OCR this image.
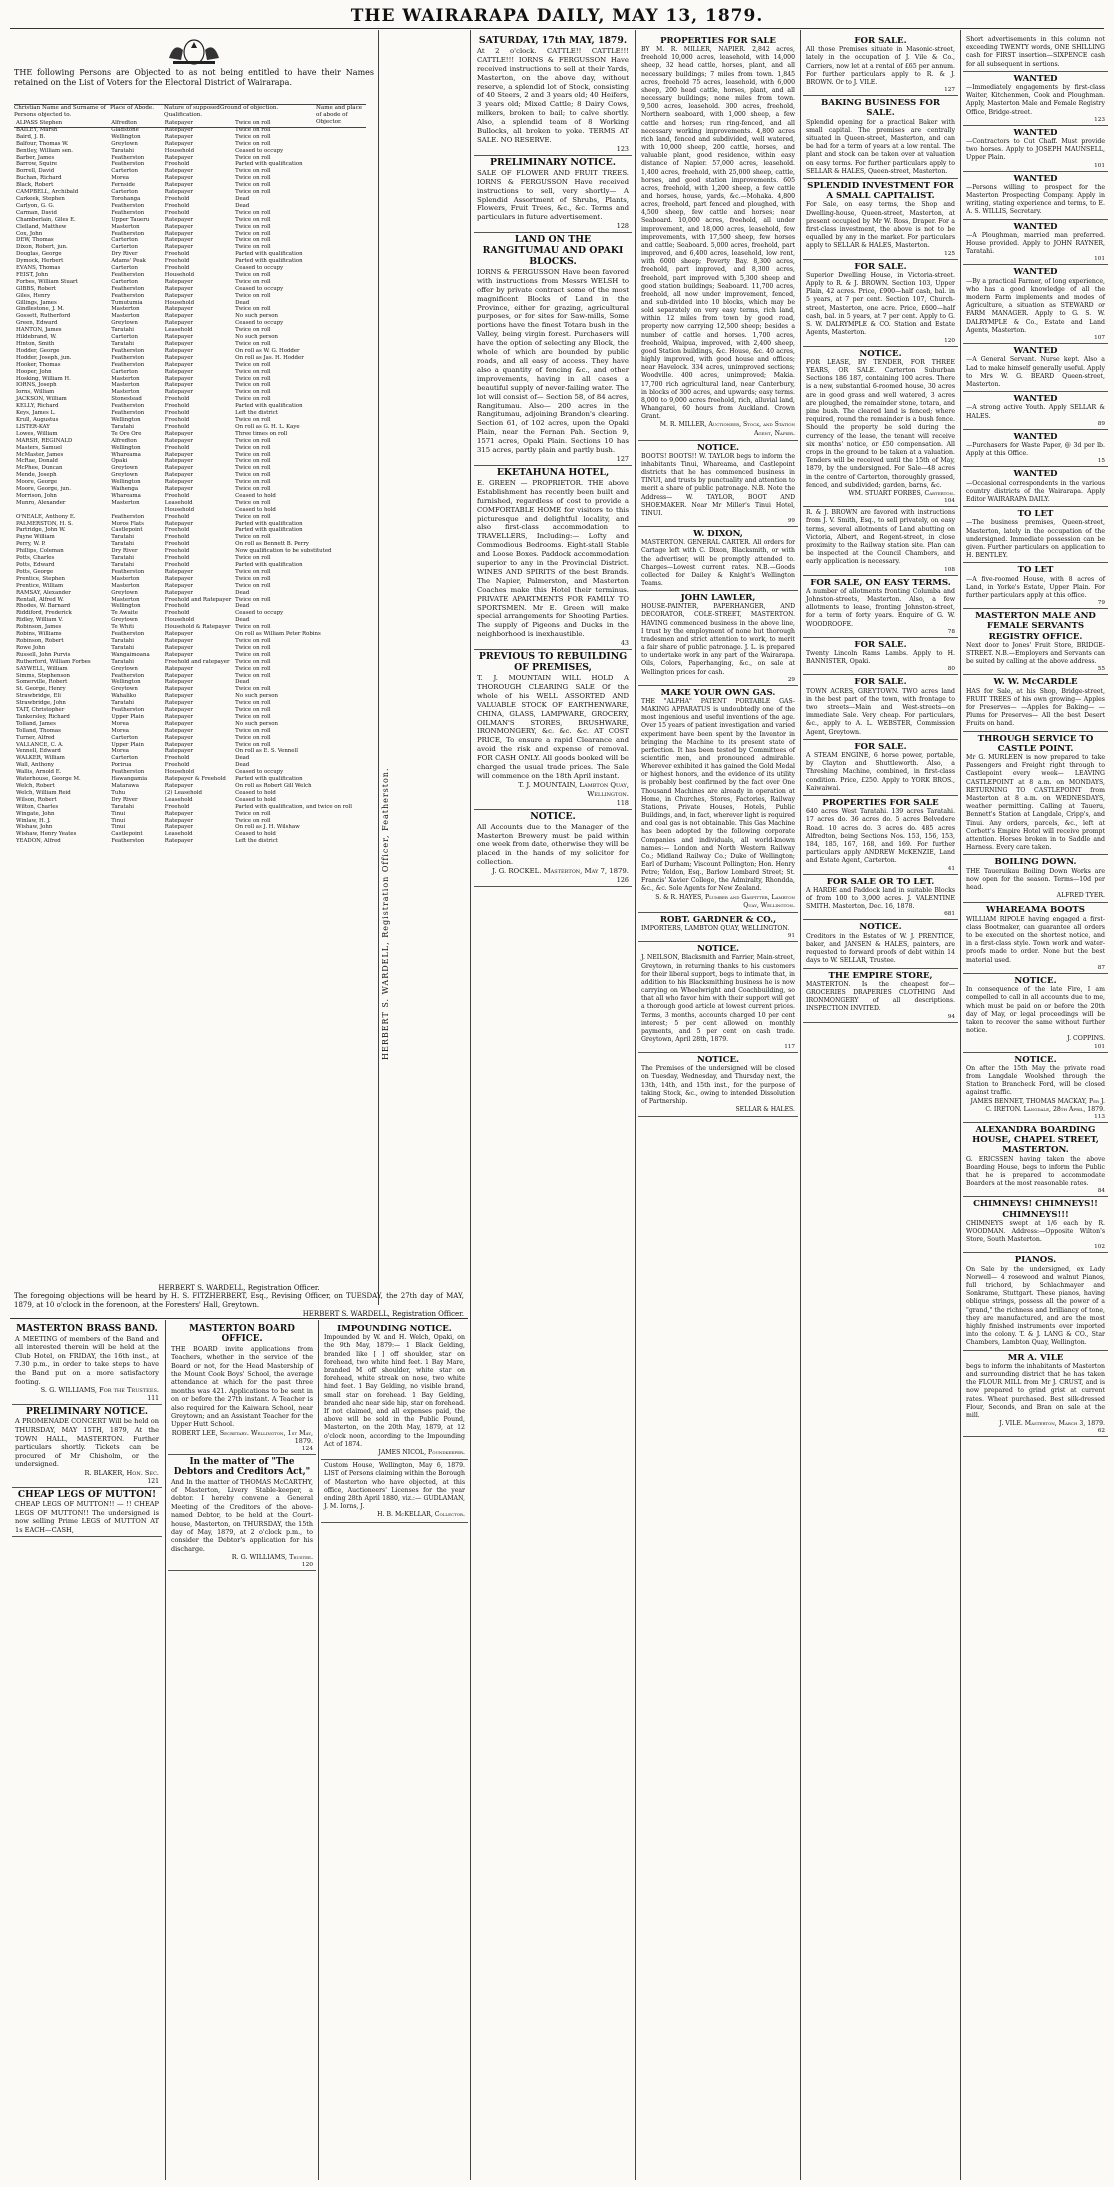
THE WAIRARAPA DAILY, MAY 13, 1879.
THE following Persons are Objected to as not being entitled to have their Names retained on the List of Voters for the Electoral District of Wairarapa.
Christian Name and Surname of Persons objected to.
Place of Abode.	Nature of supposed Qualification.
Ground of objection.	Name and place of abode of Objector.
ALPASS Stephen	Alfredton	Ratepayer	Twice on roll
BAILEY, Marsh	Gladstone	Ratepayer	Twice on roll
Baird, J. B.	Wellington	Ratepayer	Twice on roll
Balfour, Thomas W.	Greytown	Ratepayer	Twice on roll
Bentley, William sen.	Taratahi	Household	Ceased to occupy
Barber, James	Featherston	Ratepayer	Twice on roll
Barrow, Squire	Featherston	Freehold	Parted with qualification
Borrell, David	Carterton	Ratepayer	Twice on roll
Buchan, Richard	Morea	Ratepayer	Twice on roll
Black, Robert	Fernside	Ratepayer	Twice on roll
CAMPBELL, Archibald	Carterton	Ratepayer	Twice on roll
Carkeek, Stephen	Torohanga	Freehold	Dead
Carlyon, G. G.	Featherston	Freehold	Dead
Carman, David	Featherston	Freehold	Twice on roll
Chamberlain, Giles E.	Upper Taueru	Ratepayer	Twice on roll
Clelland, Matthew	Masterton	Ratepayer	Twice on roll
Cox, John	Featherston	Ratepayer	Twice on roll
DEW, Thomas	Carterton	Ratepayer	Twice on roll
Dixon, Robert, jun.	Carterton	Ratepayer	Twice on roll
Douglas, George	Dry River	Freehold	Parted with qualification
Dymock, Herbert	Adams' Peak	Freehold	Parted with qualification
EVANS, Thomas	Carterton	Freehold	Ceased to occupy
FEIST, John	Featherston	Household	Twice on roll
Forbes, William Stuart	Carterton	Ratepayer	Twice on roll
GIBBS, Robert	Featherston	Ratepayer	Ceased to occupy
Giles, Henry	Featherston	Ratepayer	Twice on roll
Gillings, James	Tumutumia	Household	Dead
Gindlestone, J. M.	Masterton	Ratepayer	Twice on roll
Gossett, Rutherford	Masterton	Ratepayer	No such person
Green, Edward	Greytown	Ratepayer	Ceased to occupy
HANTON, James	Taratahi	Leasehold	Twice on roll
Hildebrand, W.	Carterton	Ratepayer	No such person
Hinton, Smith	Taratahi	Ratepayer	Twice on roll
Hodder, George	Featherston	Ratepayer	On roll as W. G. Hodder
Hodder, Joseph, jun.	Featherston	Ratepayer	On roll as Jas. H. Hodder
Hooker, Thomas	Featherston	Ratepayer	Twice on roll
Hooper, John	Carterton	Ratepayer	Twice on roll
Hosking, William H.	Masterton	Ratepayer	Twice on roll
IORNS, Joseph	Masterton	Ratepayer	Twice on roll
Iorns, William	Masterton	Ratepayer	Twice on roll
JACKSON, William	Stonestead	Freehold	Twice on roll
KELLY, Richard	Featherston	Freehold	Parted with qualification
Keys, James L.	Featherston	Freehold	Left the district
Krull, Augustus	Wellington	Freehold	Twice on roll
LISTER-KAY	Taratahi	Freehold	On roll as G. H. L. Kaye
Lowes, William	Te Ore Ore	Ratepayer	Three times on roll
MARSH, REGINALD	Alfredton	Ratepayer	Twice on roll
Masters, Samuel	Wellington	Freehold	Twice on roll
McMaster, James	Whareama	Ratepayer	Twice on roll
McRae, Donald	Opaki	Ratepayer	Twice on roll
McPhee, Duncan	Greytown	Ratepayer	Twice on roll
Mende, Joseph	Greytown	Ratepayer	Twice on roll
Moore, George	Wellington	Ratepayer	Twice on roll
Moore, George, jun.	Waihenga	Ratepayer	Twice on roll
Morrison, John	Whareama	Freehold	Ceased to hold
Munro, Alexander	Masterton	Leasehold	Twice on roll
		Household	Ceased to hold
O'NEALE, Anthony E.	Featherston	Freehold	Twice on roll
PALMERSTON, H. S.	Moros Flats	Ratepayer	Parted with qualification
Partridge, John W.	Castlepoint	Freehold	Parted with qualification
Payne William	Taratahi	Freehold	Twice on roll
Perry, W. P.	Taratahi	Freehold	On roll as Bennett B. Perry
Phillips, Coleman	Dry River	Freehold	Now qualification to be substituted
Potts, Charles	Taratahi	Freehold	Twice on roll
Potts, Edward	Taratahi	Freehold	Parted with qualification
Potts, George	Featherston	Ratepayer	Twice on roll
Prentice, Stephen	Masterton	Ratepayer	Twice on roll
Prentice, William	Masterton	Ratepayer	Twice on roll
RAMSAY, Alexander	Greytown	Ratepayer	Dead
Rentall, Alfred W.	Masterton	Freehold and Ratepayer	Twice on roll
Rhodes, W. Barnard	Wellington	Freehold	Dead
Riddiford, Frederick	Te Awaite	Freehold	Ceased to occupy
Ridley, William V.	Greytown	Household	Dead
Robinson, James	Te Whiti	Household & Ratepayer	Twice on roll
Robins, Williams	Featherston	Ratepayer	On roll as William Peter Robins
Robinson, Robert	Taratahi	Ratepayer	Twice on roll
Rowe John	Taratahi	Ratepayer	Twice on roll
Russell, John Purvis	Wangaimoana	Ratepayer	Twice on roll
Rutherford, William Forbes	Taratahi	Freehold and ratepayer	Twice on roll
SAYWELL, William	Greytown	Ratepayer	Twice on roll
Simms, Stephenson	Featherston	Ratepayer	Twice on roll
Somerville, Robert	Wellington	Ratepayer	Dead
St. George, Henry	Greytown	Ratepayer	Twice on roll
Strawbridge, Eli	Wahaliko	Ratepayer	No such person
Strawbridge, John	Taratahi	Ratepayer	Twice on roll
TAIT, Christopher	Featherston	Ratepayer	Twice on roll
Tankersley, Richard	Upper Plain	Ratepayer	Twice on roll
Tolland, James	Morea	Ratepayer	No such person
Tolland, Thomas	Morea	Ratepayer	Twice on roll
Turner, Alfred	Carterton	Ratepayer	Twice on roll
VALLANCE, C. A.	Upper Plain	Ratepayer	Twice on roll
Vennell, Edward	Morea	Ratepayer	On roll as E. S. Vennell
WALKER, William	Carterton	Freehold	Dead
Wall, Anthony	Porirua	Freehold	Dead
Wallis, Arnold E.	Featherston	Household	Ceased to occupy
Waterhouse, George M.	Hawangamia	Ratepayer & Freehold	Parted with qualification
Welch, Robert	Matarawa	Ratepayer	On roll as Robert Gill Welch
Welch, William Reid	Tuhu	(2) Leasehold	Ceased to hold
Wilson, Robert	Dry River	Leasehold	Ceased to hold
Wilton, Charles	Taratahi	Freehold	Parted with qualification, and twice on roll
Wingate, John	Tinui	Ratepayer	Twice on roll
Winlaw, H. J.	Tinui	Ratepayer	Twice on roll
Wishaw, John	Tinui	Ratepayer	On roll as J. H. Wilshaw
Wishaw, Henry Yeates	Castlepoint	Leasehold	Ceased to hold
YEADON, Alfred	Featherston	Ratepayer	Left the district	HERBERT S. WARDELL, Registration Officer, Featherston.
HERBERT S. WARDELL, Registration Officer.
The foregoing objections will be heard by H. S. FITZHERBERT, Esq., Revising Officer, on TUESDAY, the 27th day of MAY, 1879, at 10 o'clock in the forenoon, at the Foresters' Hall, Greytown.
HERBERT S. WARDELL, Registration Officer.
MASTERTON BRASS BAND.
A MEETING of members of the Band and all interested therein will be held at the Club Hotel, on FRIDAY, the 16th inst., at 7.30 p.m., in order to take steps to have the Band put on a more satisfactory footing.
S. G. WILLIAMS, For the Trustees.
111
PRELIMINARY NOTICE.
A PROMENADE CONCERT Will be held on THURSDAY, MAY 15TH, 1879, At the TOWN HALL, MASTERTON. Further particulars shortly. Tickets can be procured of Mr Chisholm, or the undersigned.
R. BLAKER, Hon. Sec.
121
CHEAP LEGS OF MUTTON!
CHEAP LEGS OF MUTTON!! — !! CHEAP LEGS OF MUTTON!! The undersigned is now selling Prime LEGS of MUTTON AT 1s EACH—CASH,
MASTERTON BOARD OFFICE.
THE BOARD invite applications from Teachers, whether in the service of the Board or not, for the Head Mastership of the Mount Cook Boys' School, the average attendance at which for the past three months was 421. Applications to be sent in on or before the 27th instant. A Teacher is also required for the Kaiwara School, near Greytown; and an Assistant Teacher for the Upper Hutt School.
ROBERT LEE, Secretary. Wellington, 1st May, 1879.
124
In the matter of "The Debtors and Creditors Act,"
And In the matter of THOMAS McCARTHY, of Masterton, Livery Stable-keeper, a debtor. I hereby convene a General Meeting of the Creditors of the above-named Debtor, to be held at the Court-house, Masterton, on THURSDAY, the 15th day of May, 1879, at 2 o'clock p.m., to consider the Debtor's application for his discharge.
R. G. WILLIAMS, Trustee.
120
IMPOUNDING NOTICE.
Impounded by W. and H. Welch, Opaki, on the 9th May, 1879:— 1 Black Gelding, branded like [ ] off shoulder, star on forehead, two white hind feet. 1 Bay Mare, branded M off shoulder, white star on forehead, white streak on nose, two white hind feet. 1 Bay Gelding, no visible brand, small star on forehead. 1 Bay Gelding, branded ahc near side hip, star on forehead. If not claimed, and all expenses paid, the above will be sold in the Public Pound, Masterton, on the 20th May, 1879, at 12 o'clock noon, according to the Impounding Act of 1874.
JAMES NICOL, Poundkeeper.
Custom House, Wellington, May 6, 1879. LIST of Persons claiming within the Borough of Masterton who have objected, at this office, Auctioneers' Licenses for the year ending 28th April 1880, viz.:— GUDLAMAN, J. M. Iorns, J.
H. B. McKELLAR, Collector.
SATURDAY, 17th MAY, 1879.
At 2 o'clock. CATTLE!! CATTLE!!! CATTLE!!! IORNS & FERGUSSON Have received instructions to sell at their Yards, Masterton, on the above day, without reserve, a splendid lot of Stock, consisting of 40 Steers, 2 and 3 years old; 40 Heifers, 3 years old; Mixed Cattle; 8 Dairy Cows, milkers, broken to bail; to calve shortly. Also, a splendid team of 8 Working Bullocks, all broken to yoke. TERMS AT SALE. NO RESERVE.
123
PRELIMINARY NOTICE.
SALE OF FLOWER AND FRUIT TREES. IORNS & FERGUSSON Have received instructions to sell, very shortly— A Splendid Assortment of Shrubs, Plants, Flowers, Fruit Trees, &c., &c. Terms and particulars in future advertisement.
128
LAND ON THE RANGITUMAU AND OPAKI BLOCKS.
IORNS & FERGUSSON Have been favored with instructions from Messrs WELSH to offer by private contract some of the most magnificent Blocks of Land in the Province, either for grazing, agricultural purposes, or for sites for Saw-mills, Some portions have the finest Totara bush in the Valley, being virgin forest. Purchasers will have the option of selecting any Block, the whole of which are bounded by public roads, and all easy of access. They have also a quantity of fencing &c., and other improvements, having in all cases a beautiful supply of never-failing water. The lot will consist of— Section 58, of 84 acres, Rangitumau. Also— 200 acres in the Rangitumau, adjoining Brandon's clearing. Section 61, of 102 acres, upon the Opaki Plain, near the Fernan Pah. Section 9, 1571 acres, Opaki Plain. Sections 10 has 315 acres, partly plain and partly bush.
127
EKETAHUNA HOTEL,
E. GREEN — PROPRIETOR. THE above Establishment has recently been built and furnished, regardless of cost to provide a COMFORTABLE HOME for visitors to this picturesque and delightful locality, and also first-class accommodation to TRAVELLERS, Including:— Lofty and Commodious Bedrooms. Eight-stall Stable and Loose Boxes. Paddock accommodation superior to any in the Provincial District. WINES AND SPIRITS of the best Brands. The Napier, Palmerston, and Masterton Coaches make this Hotel their terminus. PRIVATE APARTMENTS FOR FAMILY TO SPORTSMEN. Mr E. Green will make special arrangements for Shooting Parties. The supply of Pigeons and Ducks in the neighborhood is inexhaustible.
43
PREVIOUS TO REBUILDING OF PREMISES,
T. J. MOUNTAIN WILL HOLD A THOROUGH CLEARING SALE Of the whole of his WELL ASSORTED AND VALUABLE STOCK OF EARTHENWARE, CHINA, GLASS, LAMPWARE, GROCERY, OILMAN'S STORES, BRUSHWARE, IRONMONGERY, &c. &c. &c. AT COST PRICE, To ensure a rapid Clearance and avoid the risk and expense of removal. FOR CASH ONLY. All goods booked will be charged the usual trade prices. The Sale will commence on the 18th April instant.
T. J. MOUNTAIN, Lambton Quay, Wellington.
118
NOTICE.
All Accounts due to the Manager of the Masterton Brewery must be paid within one week from date, otherwise they will be placed in the hands of my solicitor for collection.
J. G. ROCKEL. Masterton, May 7, 1879.
126
PROPERTIES FOR SALE
BY M. R. MILLER, NAPIER. 2,842 acres, freehold 10,000 acres, leasehold, with 14,000 sheep, 32 head cattle, horses, plant, and all necessary buildings; 7 miles from town. 1,845 acres, freehold 75 acres, leasehold, with 6,000 sheep, 200 head cattle, horses, plant, and all necessary buildings; none miles from town. 9,500 acres, leasehold. 300 acres, freehold, Northern seaboard, with 1,000 sheep, a few cattle and horses; run ring-fenced, and all necessary working improvements. 4,800 acres rich land, fenced and subdivided, well watered, with 10,000 sheep, 200 cattle, horses, and valuable plant, good residence, within easy distance of Napier. 57,000 acres, leasehold. 1,400 acres, freehold, with 25,000 sheep, cattle, horses, and good station improvements. 605 acres, freehold, with 1,200 sheep, a few cattle and horses, house, yards, &c.—Mohaka. 4,800 acres, freehold, part fenced and ploughed, with 4,500 sheep, few cattle and horses; near Seaboard. 10,000 acres, freehold, all under improvement, and 18,000 acres, leasehold, few improvements, with 17,500 sheep, few horses and cattle; Seaboard. 5,000 acres, freehold, part improved, and 6,400 acres, leasehold, low rent, with 6000 sheep; Poverty Bay. 8,300 acres, freehold, part improved, and 8,300 acres, freehold, part improved with 5,300 sheep and good station buildings; Seaboard. 11,700 acres, freehold, all now under improvement, fenced, and sub-divided into 10 blocks, which may be sold separately on very easy terms, rich land, within 12 miles from town by good road, property now carrying 12,500 sheep; besides a number of cattle and horses. 1,700 acres, freehold, Waipua, improved, with 2,400 sheep, good Station buildings, &c. House, &c. 40 acres, highly improved, with good house and offices; near Havelock. 334 acres, unimproved sections; Woodville. 400 acres, unimproved; Makia. 17,700 rich agricultural land, near Canterbury, in blocks of 300 acres, and upwards; easy terms. 8,000 to 9,000 acres freehold, rich, alluvial land, Whangarei, 60 hours from Auckland. Crown Grant.
M. R. MILLER, Auctioneer, Stock, and Station Agent, Napier.
NOTICE.
BOOTS! BOOTS!! W. TAYLOR begs to inform the inhabitants Tinui, Whareama, and Castlepoint districts that he has commenced business in TINUI, and trusts by punctuality and attention to merit a share of public patronage. N.B. Note the Address— W. TAYLOR, BOOT AND SHOEMAKER. Near Mr Miller's Tinui Hotel, TINUI.
99
W. DIXON,
MASTERTON. GENERAL CARTER. All orders for Cartage left with C. Dixon, Blacksmith, or with the advertiser, will be promptly attended to. Charges—Lowest current rates. N.B.—Goods collected for Dailey & Knight's Wellington Teams.
JOHN LAWLER,
HOUSE-PAINTER, PAPERHANGER, AND DECORATOR, COLE-STREET, MASTERTON. HAVING commenced business in the above line, I trust by the employment of none but thorough tradesmen and strict attention to work, to merit a fair share of public patronage. J. L. is prepared to undertake work in any part of the Wairarapa. Oils, Colors, Paperhanging, &c., on sale at Wellington prices for cash.
29
MAKE YOUR OWN GAS.
THE "ALPHA" PATENT PORTABLE GAS-MAKING APPARATUS is undoubtedly one of the most ingenious and useful inventions of the age. Over 15 years of patient investigation and varied experiment have been spent by the Inventor in bringing the Machine to its present state of perfection. It has been tested by Committees of scientific men, and pronounced admirable. Wherever exhibited it has gained the Gold Medal or highest honors, and the evidence of its utility is probably best confirmed by the fact over One Thousand Machines are already in operation at Home, in Churches, Stores, Factories, Railway Stations, Private Houses, Hotels, Public Buildings, and, in fact, wherever light is required and coal gas is not obtainable. This Gas Machine has been adopted by the following corporate Companies and individuals, all world-known names:— London and North Western Railway Co.; Midland Railway Co.; Duke of Wellington; Earl of Durham; Viscount Pollington; Hon. Henry Petre; Yeldon, Esq., Barlow Lombard Street; St. Francis' Xavier College, the Admiralty, Rhondda, &c., &c. Sole Agents for New Zealand.
S. & R. HAYES, Plumber and Gasfitter, Lambton Quay, Wellington.
ROBT. GARDNER & CO.,
IMPORTERS, LAMBTON QUAY, WELLINGTON.
91
NOTICE.
J. NEILSON, Blacksmith and Farrier, Main-street, Greytown, in returning thanks to his customers for their liberal support, begs to intimate that, in addition to his Blacksmithing business he is now carrying on Wheelwright and Coachbuilding, so that all who favor him with their support will get a thorough good article at lowest current prices. Terms, 3 months, accounts charged 10 per cent interest; 5 per cent allowed on monthly payments, and 5 per cent on cash trade. Greytown, April 28th, 1879.
117
NOTICE.
The Premises of the undersigned will be closed on Tuesday, Wednesday, and Thursday next, the 13th, 14th, and 15th inst., for the purpose of taking Stock, &c., owing to intended Dissolution of Partnership.
SELLAR & HALES.
FOR SALE.
All those Premises situate in Masonic-street, lately in the occupation of J. Vile & Co., Carriers, now let at a rental of £65 per annum. For further particulars apply to R. & J. BROWN. Or to J. VILE.
127
BAKING BUSINESS FOR SALE.
Splendid opening for a practical Baker with small capital. The premises are centrally situated in Queen-street, Masterton, and can be had for a term of years at a low rental. The plant and stock can be taken over at valuation on easy terms. For further particulars apply to SELLAR & HALES, Queen-street, Masterton.
SPLENDID INVESTMENT FOR A SMALL CAPITALIST.
For Sale, on easy terms, the Shop and Dwelling-house, Queen-street, Masterton, at present occupied by Mr W. Ross, Draper. For a first-class investment, the above is not to be equalled by any in the market. For particulars apply to SELLAR & HALES, Masterton.
125
FOR SALE.
Superior Dwelling House, in Victoria-street. Apply to R. & J. BROWN. Section 103, Upper Plain, 42 acres. Price, £900—half cash, bal. in 5 years, at 7 per cent. Section 107, Church-street, Masterton, one acre. Price, £600—half cash, bal. in 5 years, at 7 per cent. Apply to G. S. W. DALRYMPLE & CO. Station and Estate Agents, Masterton.
120
NOTICE.
FOR LEASE, BY TENDER, FOR THREE YEARS, OR SALE. Carterton Suburban Sections 186 187, containing 100 acres. There is a new, substantial 6-roomed house, 30 acres are in good grass and well watered, 3 acres are ploughed, the remainder stone, totara, and pine bush. The cleared land is fenced; where required, round the remainder is a bush fence. Should the property be sold during the currency of the lease, the tenant will receive six months' notice, or £50 compensation. All crops in the ground to be taken at a valuation. Tenders will be received until the 15th of May, 1879, by the undersigned. For Sale—48 acres in the centre of Carterton, thoroughly grassed, fenced, and subdivided; garden, barns, &c.
WM. STUART FORBES, Carterton.
104
R. & J. BROWN are favored with instructions from J. V. Smith, Esq., to sell privately, on easy terms, several allotments of Land abutting on Victoria, Albert, and Regent-street, in close proximity to the Railway station site. Plan can be inspected at the Council Chambers, and early application is necessary.
108
FOR SALE, ON EASY TERMS.
A number of allotments fronting Columba and Johnston-streets, Masterton. Also, a few allotments to lease, fronting Johnston-street, for a term of forty years. Enquire of G. W. WOODROOFE.
78
FOR SALE.
Twenty Lincoln Rams Lambs. Apply to H. BANNISTER, Opaki.
80
FOR SALE.
TOWN ACRES, GREYTOWN. TWO acres land in the best part of the town, with frontage to two streets—Main and West-streets—on immediate Sale. Very cheap. For particulars, &c., apply to A. L. WEBSTER, Commission Agent, Greytown.
FOR SALE.
A STEAM ENGINE, 6 horse power, portable, by Clayton and Shuttleworth. Also, a Threshing Machine, combined, in first-class condition. Price, £250. Apply to YORK BROS., Kaiwaiwai.
PROPERTIES FOR SALE
640 acres West Taratahi. 139 acres Taratahi. 17 acres do. 36 acres do. 5 acres Belvedere Road. 10 acres do. 3 acres do. 485 acres Alfredton, being Sections Nos. 153, 156, 153, 184, 185, 167, 168, and 169. For further particulars apply ANDREW McKENZIE, Land and Estate Agent, Carterton.
41
FOR SALE OR TO LET.
A HARDE and Paddock land in suitable Blocks of from 100 to 3,000 acres. J. VALENTINE SMITH. Masterton, Dec. 16, 1878.
681
NOTICE.
Creditors in the Estates of W. J. PRENTICE, baker, and JANSEN & HALES, painters, are requested to forward proofs of debt within 14 days to W. SELLAR, Trustee.
THE EMPIRE STORE,
MASTERTON. Is the cheapest for— GROCERIES DRAPERIES CLOTHING And IRONMONGERY of all descriptions. INSPECTION INVITED.
94
Short advertisements in this column not exceeding TWENTY words, ONE SHILLING cash for FIRST insertion—SIXPENCE cash for all subsequent in sertions.
WANTED
—Immediately engagements by first-class Waiter, Kitchenmen, Cook and Ploughman. Apply, Masterton Male and Female Registry Office, Bridge-street.
123
WANTED
—Contractors to Cut Chaff. Must provide two horses. Apply to JOSEPH MAUNSELL, Upper Plain.
101
WANTED
—Persons willing to prospect for the Masterton Prospecting Company. Apply in writing, stating experience and terms, to E. A. S. WILLIS, Secretary.
WANTED
—A Ploughman, married man preferred. House provided. Apply to JOHN RAYNER, Taratahi.
101
WANTED
—By a practical Farmer, of long experience, who has a good knowledge of all the modern Farm implements and modes of Agriculture, a situation as STEWARD or FARM MANAGER. Apply to G. S. W. DALRYMPLE & Co., Estate and Land Agents, Masterton.
107
WANTED
—A General Servant. Nurse kept. Also a Lad to make himself generally useful. Apply to Mrs W. G. BEARD Queen-street, Masterton.
WANTED
—A strong active Youth. Apply SELLAR & HALES.
89
WANTED
—Purchasers for Waste Paper, @ 3d per lb. Apply at this Office.
15
WANTED
—Occasional correspondents in the various country districts of the Wairarapa. Apply Editor WAIRARAPA DAILY.
TO LET
—The business premises, Queen-street, Masterton, lately in the occupation of the undersigned. Immediate possession can be given. Further particulars on application to H. BENTLEY.
TO LET
—A five-roomed House, with 8 acres of Land, in Yorke's Estate, Upper Plain. For further particulars apply at this office.
79
MASTERTON MALE AND FEMALE SERVANTS REGISTRY OFFICE.
Next door to Jones' Fruit Store, BRIDGE-STREET. N.B.—Employers and Servants can be suited by calling at the above address.
55
W. W. McCARDLE
HAS for Sale, at his Shop, Bridge-street, FRUIT TREES of his own growing— Apples for Preserves— —Apples for Baking— —Plums for Preserves— All the best Desert Fruits on hand.
THROUGH SERVICE TO CASTLE POINT.
Mr G. MURLEEN is now prepared to take Passengers and Freight right through to Castlepoint every week— LEAVING CASTLEPOINT at 8 a.m. on MONDAYS, RETURNING TO CASTLEPOINT from Masterton at 8 a.m. on WEDNESDAYS, weather permitting. Calling at Taueru, Bennett's Station at Langdale, Cripp's, and Tinui. Any orders, parcels, &c., left at Corbett's Empire Hotel will receive prompt attention. Horses broken in to Saddle and Harness. Every care taken.
BOILING DOWN.
THE Taueruikau Boiling Down Works are now open for the season. Terms—10d per head.
ALFRED TYER.
WHAREAMA BOOTS
WILLIAM RIPOLE having engaged a first-class Bootmaker, can guarantee all orders to be executed on the shortest notice, and in a first-class style. Town work and water-proofs made to order. None but the best material used.
87
NOTICE.
In consequence of the late Fire, I am compelled to call in all accounts due to me, which must be paid on or before the 20th day of May, or legal proceedings will be taken to recover the same without further notice.
J. COPPINS.
101
NOTICE.
On after the 15th May the private road from Langdale Woolshed through the Station to Brancheck Ford, will be closed against traffic.
JAMES BENNET, THOMAS MACKAY, Per J. C. IRETON. Langdale, 28th April, 1879.
113
ALEXANDRA BOARDING HOUSE, CHAPEL STREET, MASTERTON.
G. ERICSSEN having taken the above Boarding House, begs to inform the Public that he is prepared to accommodate Boarders at the most reasonable rates.
84
CHIMNEYS! CHIMNEYS!! CHIMNEYS!!!
CHIMNEYS swept at 1/6 each by R. WOODMAN. Address:—Opposite Wilton's Store, South Masterton.
102
PIANOS.
On Sale by the undersigned, ex Lady Norwell— 4 rosewood and walnut Pianos, full trichord, by Schlachmayer and Sonkrame, Stuttgart. These pianos, having oblique strings, possess all the power of a "grand," the richness and brilliancy of tone, they are manufactured, and are the most highly finished instruments ever imported into the colony. T. & J. LANG & CO., Star Chambers, Lambton Quay, Wellington.
MR A. VILE
begs to inform the inhabitants of Masterton and surrounding district that he has taken the FLOUR MILL from Mr J. CRUST, and is now prepared to grind grist at current rates. Wheat purchased. Best silk-dressed Flour, Seconds, and Bran on sale at the mill.
J. VILE. Masterton, March 3, 1879.
62
